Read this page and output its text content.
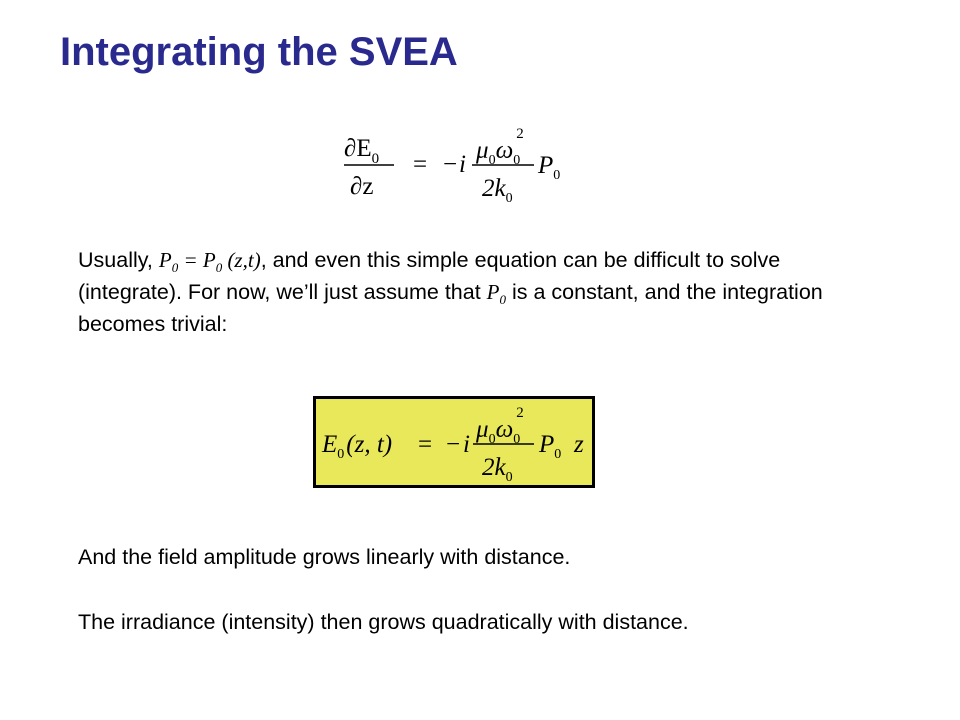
Integrating the SVEA
$\partial E_0$
∂z
= − i
$\mu_0\omega_02$
$2k_0$
$P_0$

Usually, $P_0 = P_0$ (z,t), and even this simple equation can be difficult to solve (integrate). For now, we’ll just assume that $P_0$ is a constant, and the integration becomes trivial:

$E_0(z$, t) = − i
$\mu_0\omega_02$
$2k_0$
$P_0$ z

And the field amplitude grows linearly with distance.

The irradiance (intensity) then grows quadratically with distance.
